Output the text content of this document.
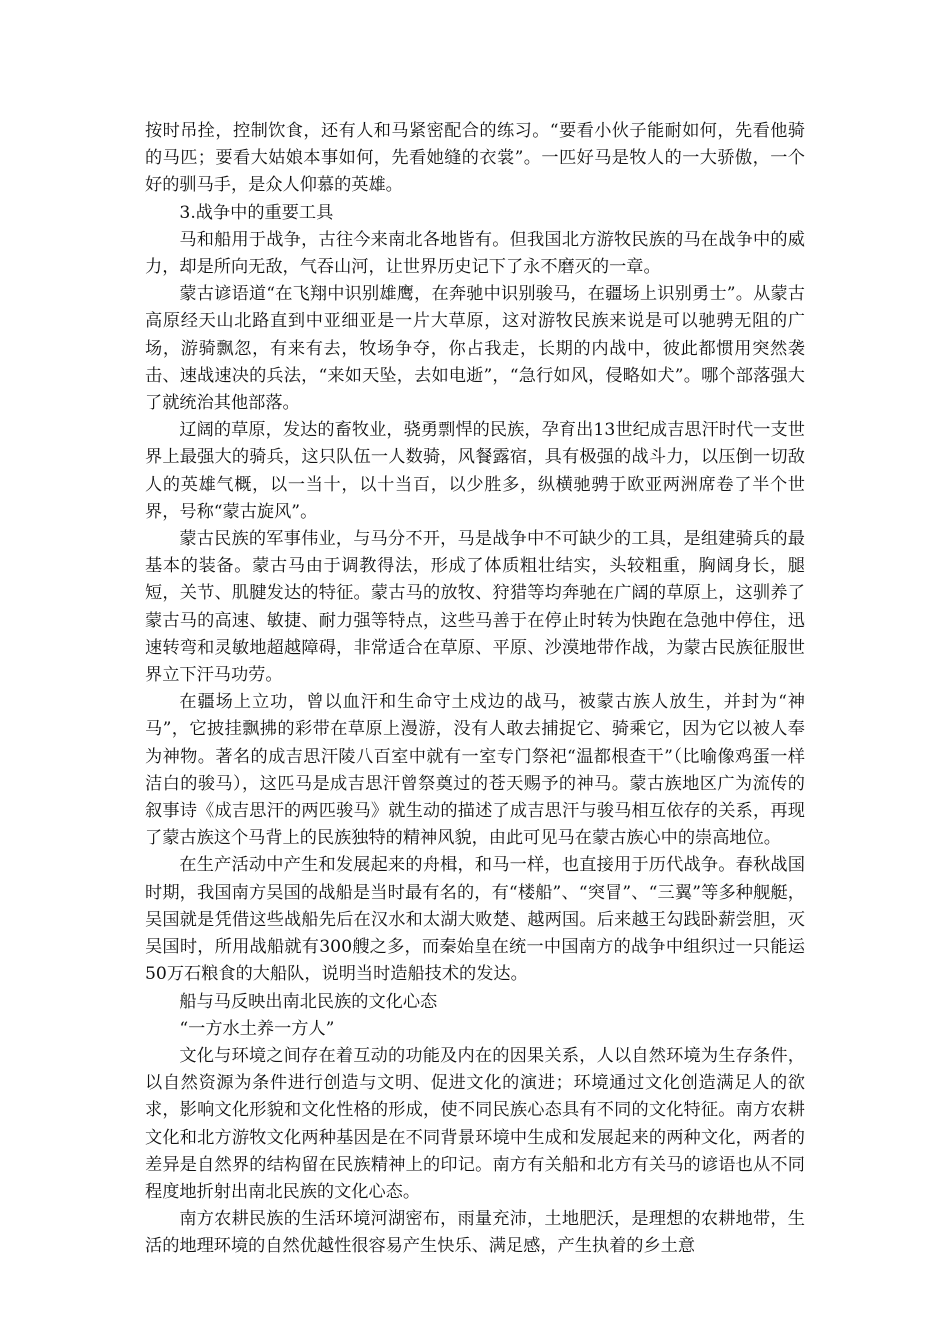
按时吊拴，控制饮食，还有人和马紧密配合的练习。“要看小伙子能耐如何，先看他骑的马匹；要看大姑娘本事如何，先看她缝的衣裳”。一匹好马是牧人的一大骄傲，一个好的驯马手，是众人仰慕的英雄。

3.战争中的重要工具

马和船用于战争，古往今来南北各地皆有。但我国北方游牧民族的马在战争中的威力，却是所向无敌，气吞山河，让世界历史记下了永不磨灭的一章。

蒙古谚语道“在飞翔中识别雄鹰，在奔驰中识别骏马，在疆场上识别勇士”。从蒙古高原经天山北路直到中亚细亚是一片大草原，这对游牧民族来说是可以驰骋无阻的广场，游骑飘忽，有来有去，牧场争夺，你占我走，长期的内战中，彼此都惯用突然袭击、速战速决的兵法，“来如天坠，去如电逝”，“急行如风，侵略如犬”。哪个部落强大了就统治其他部落。

辽阔的草原，发达的畜牧业，骁勇剽悍的民族，孕育出13世纪成吉思汗时代一支世界上最强大的骑兵，这只队伍一人数骑，风餐露宿，具有极强的战斗力，以压倒一切敌人的英雄气概，以一当十，以十当百，以少胜多，纵横驰骋于欧亚两洲席卷了半个世界，号称“蒙古旋风”。

蒙古民族的军事伟业，与马分不开，马是战争中不可缺少的工具，是组建骑兵的最基本的装备。蒙古马由于调教得法，形成了体质粗壮结实，头较粗重，胸阔身长，腿短，关节、肌腱发达的特征。蒙古马的放牧、狩猎等均奔驰在广阔的草原上，这驯养了蒙古马的高速、敏捷、耐力强等特点，这些马善于在停止时转为快跑在急弛中停住，迅速转弯和灵敏地超越障碍，非常适合在草原、平原、沙漠地带作战，为蒙古民族征服世界立下汗马功劳。

在疆场上立功，曾以血汗和生命守土戍边的战马，被蒙古族人放生，并封为“神马”，它披挂飘拂的彩带在草原上漫游，没有人敢去捕捉它、骑乘它，因为它以被人奉为神物。著名的成吉思汗陵八百室中就有一室专门祭祀“温都根查干”（比喻像鸡蛋一样洁白的骏马），这匹马是成吉思汗曾祭奠过的苍天赐予的神马。蒙古族地区广为流传的叙事诗《成吉思汗的两匹骏马》就生动的描述了成吉思汗与骏马相互依存的关系，再现了蒙古族这个马背上的民族独特的精神风貌，由此可见马在蒙古族心中的崇高地位。

在生产活动中产生和发展起来的舟楫，和马一样，也直接用于历代战争。春秋战国时期，我国南方吴国的战船是当时最有名的，有“楼船”、“突冒”、“三翼”等多种舰艇，吴国就是凭借这些战船先后在汉水和太湖大败楚、越两国。后来越王勾践卧薪尝胆，灭吴国时，所用战船就有300艘之多，而秦始皇在统一中国南方的战争中组织过一只能运50万石粮食的大船队，说明当时造船技术的发达。

船与马反映出南北民族的文化心态

“一方水土养一方人”

文化与环境之间存在着互动的功能及内在的因果关系，人以自然环境为生存条件，以自然资源为条件进行创造与文明、促进文化的演进；环境通过文化创造满足人的欲求，影响文化形貌和文化性格的形成，使不同民族心态具有不同的文化特征。南方农耕文化和北方游牧文化两种基因是在不同背景环境中生成和发展起来的两种文化，两者的差异是自然界的结构留在民族精神上的印记。南方有关船和北方有关马的谚语也从不同程度地折射出南北民族的文化心态。

南方农耕民族的生活环境河湖密布，雨量充沛，土地肥沃，是理想的农耕地带，生活的地理环境的自然优越性很容易产生快乐、满足感，产生执着的乡土意
